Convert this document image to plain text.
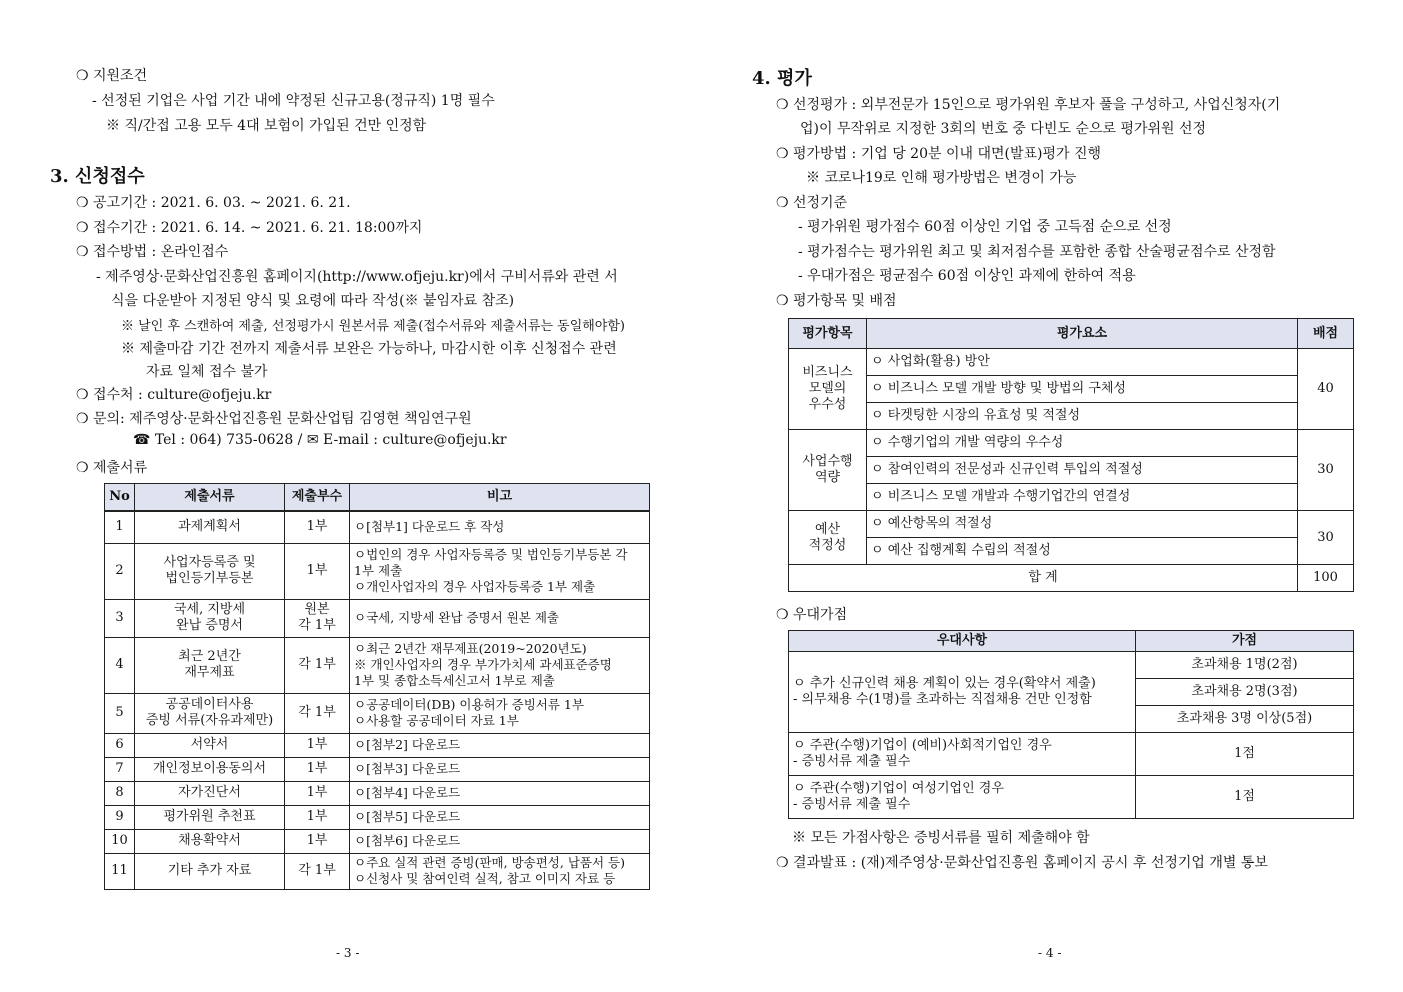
❍ 지원조건
- 선정된 기업은 사업 기간 내에 약정된 신규고용(정규직) 1명 필수
※ 직/간접 고용 모두 4대 보험이 가입된 건만 인정함
3. 신청접수
❍ 공고기간 : 2021. 6. 03. ~ 2021. 6. 21.
❍ 접수기간 : 2021. 6. 14. ~ 2021. 6. 21. 18:00까지
❍ 접수방법 : 온라인접수
- 제주영상·문화산업진흥원 홈페이지(http://www.ofjeju.kr)에서 구비서류와 관련 서
식을 다운받아 지정된 양식 및 요령에 따라 작성(※ 붙임자료 참조)
※ 날인 후 스캔하여 제출, 선정평가시 원본서류 제출(접수서류와 제출서류는 동일해야함)
※ 제출마감 기간 전까지 제출서류 보완은 가능하나, 마감시한 이후 신청접수 관련
자료 일체 접수 불가
❍ 접수처 : culture@ofjeju.kr
❍ 문의: 제주영상·문화산업진흥원 문화산업팀 김영현 책임연구원
☎ Tel : 064) 735-0628 / ✉ E-mail : culture@ofjeju.kr
❍ 제출서류
No	제출서류	제출부수	비고
1	과제계획서	1부	ㅇ[첨부1] 다운로드 후 작성

2	사업자등록증 및
법인등기부등본	1부	ㅇ법인의 경우 사업자등록증 및 법인등기부등본 각
1부 제출
ㅇ개인사업자의 경우 사업자등록증 1부 제출

3	국세, 지방세
완납 증명서	원본
각 1부	ㅇ국세, 지방세 완납 증명서 원본 제출

4	최근 2년간
재무제표	각 1부	ㅇ최근 2년간 재무제표(2019~2020년도)
※ 개인사업자의 경우 부가가치세 과세표준증명
1부 및 종합소득세신고서 1부로 제출

5	공공데이터사용
증빙 서류(자유과제만)	각 1부	ㅇ공공데이터(DB) 이용허가 증빙서류 1부
ㅇ사용할 공공데이터 자료 1부

6	서약서	1부	ㅇ[첨부2] 다운로드

7	개인정보이용동의서	1부	ㅇ[첨부3] 다운로드

8	자가진단서	1부	ㅇ[첨부4] 다운로드

9	평가위원 추천표	1부	ㅇ[첨부5] 다운로드

10	채용확약서	1부	ㅇ[첨부6] 다운로드

11	기타 추가 자료	각 1부	ㅇ주요 실적 관련 증빙(판매, 방송편성, 납품서 등)
ㅇ신청사 및 참여인력 실적, 참고 이미지 자료 등
- 3 -
4. 평가
❍ 선정평가 : 외부전문가 15인으로 평가위원 후보자 풀을 구성하고, 사업신청자(기
업)이 무작위로 지정한 3회의 번호 중 다빈도 순으로 평가위원 선정
❍ 평가방법 : 기업 당 20분 이내 대면(발표)평가 진행
※ 코로나19로 인해 평가방법은 변경이 가능
❍ 선정기준
- 평가위원 평가점수 60점 이상인 기업 중 고득점 순으로 선정
- 평가점수는 평가위원 최고 및 최저점수를 포함한 종합 산술평균점수로 산정함
- 우대가점은 평균점수 60점 이상인 과제에 한하여 적용
❍ 평가항목 및 배점
평가항목	평가요소	배점

비즈니스
모델의
우수성	ㅇ 사업화(활용) 방안	40
	ㅇ 비즈니스 모델 개발 방향 및 방법의 구체성	
	ㅇ 타겟팅한 시장의 유효성 및 적절성	

사업수행
역량	ㅇ 수행기업의 개발 역량의 우수성	30
	ㅇ 참여인력의 전문성과 신규인력 투입의 적절성	
	ㅇ 비즈니스 모델 개발과 수행기업간의 연결성	

예산
적정성	ㅇ 예산항목의 적절성	30
	ㅇ 예산 집행계획 수립의 적절성	
합 계		100
❍ 우대가점
우대사항	가점

ㅇ 추가 신규인력 채용 계획이 있는 경우(확약서 제출)
- 의무채용 수(1명)를 초과하는 직접채용 건만 인정함	초과채용 1명(2점)
	초과채용 2명(3점)
	초과채용 3명 이상(5점)

ㅇ 주관(수행)기업이 (예비)사회적기업인 경우
- 증빙서류 제출 필수	1점

ㅇ 주관(수행)기업이 여성기업인 경우
- 증빙서류 제출 필수	1점
※ 모든 가점사항은 증빙서류를 필히 제출해야 함
❍ 결과발표 : (재)제주영상·문화산업진흥원 홈페이지 공시 후 선정기업 개별 통보
- 4 -
